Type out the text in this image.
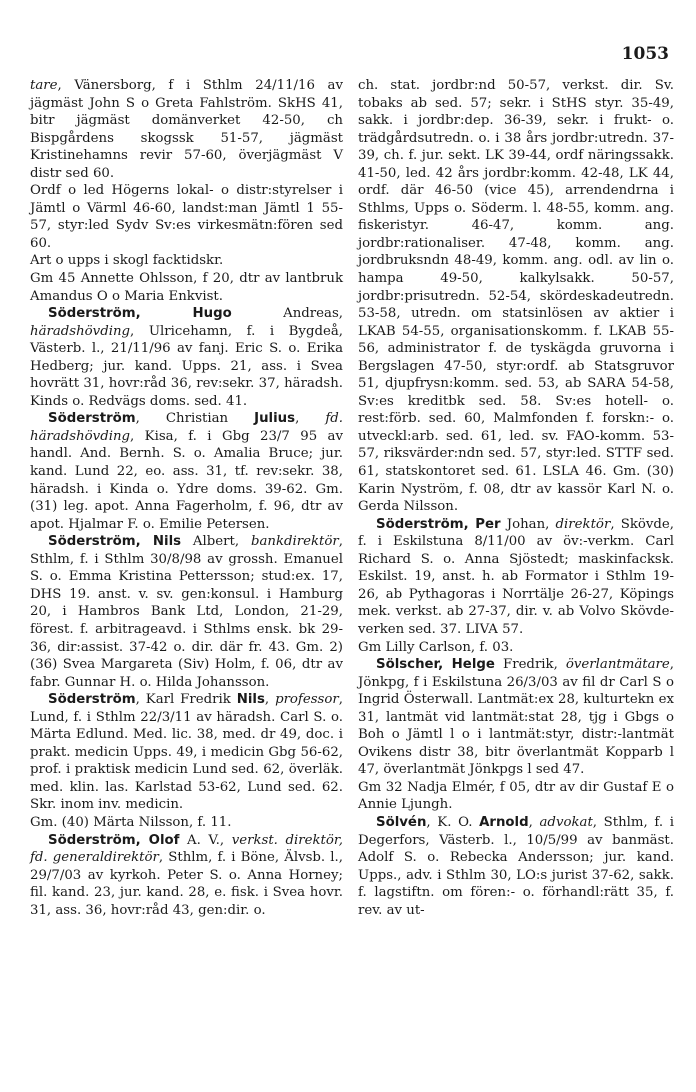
1053

tare, Vänersborg, f i Sthlm 24/11/16 av jägmäst John S o Greta Fahlström. SkHS 41, bitr jägmäst domänverket 42-50, ch Bispgårdens skogssk 51-57, jägmäst Kristinehamns revir 57-60, överjägmäst V distr sed 60.

Ordf o led Högerns lokal- o distr:styrelser i Jämtl o Värml 46-60, landst:man Jämtl 1 55-57, styr:led Sydv Sv:es virkesmätn:fören sed 60.

Art o upps i skogl facktidskr.

Gm 45 Annette Ohlsson, f 20, dtr av lantbruk Amandus O o Maria Enkvist.

Söderström, Hugo Andreas, häradshövding, Ulricehamn, f. i Bygdeå, Västerb. l., 21/11/96 av fanj. Eric S. o. Erika Hedberg; jur. kand. Upps. 21, ass. i Svea hovrätt 31, hovr:råd 36, rev:sekr. 37, häradsh. Kinds o. Redvägs doms. sed. 41.

Söderström, Christian Julius, fd. häradshövding, Kisa, f. i Gbg 23/7 95 av handl. And. Bernh. S. o. Amalia Bruce; jur. kand. Lund 22, eo. ass. 31, tf. rev:sekr. 38, häradsh. i Kinda o. Ydre doms. 39-62. Gm. (31) leg. apot. Anna Fagerholm, f. 96, dtr av apot. Hjalmar F. o. Emilie Petersen.

Söderström, Nils Albert, bankdirektör, Sthlm, f. i Sthlm 30/8/98 av grossh. Emanuel S. o. Emma Kristina Pettersson; stud:ex. 17, DHS 19. anst. v. sv. gen:konsul. i Hamburg 20, i Hambros Bank Ltd, London, 21-29, förest. f. arbitrageavd. i Sthlms ensk. bk 29-36, dir:assist. 37-42 o. dir. där fr. 43. Gm. 2) (36) Svea Margareta (Siv) Holm, f. 06, dtr av fabr. Gunnar H. o. Hilda Johansson.

Söderström, Karl Fredrik Nils, professor, Lund, f. i Sthlm 22/3/11 av häradsh. Carl S. o. Märta Edlund. Med. lic. 38, med. dr 49, doc. i prakt. medicin Upps. 49, i medicin Gbg 56-62, prof. i praktisk medicin Lund sed. 62, överläk. med. klin. las. Karlstad 53-62, Lund sed. 62. Skr. inom inv. medicin.

Gm. (40) Märta Nilsson, f. 11.

Söderström, Olof A. V., verkst. direktör, fd. generaldirektör, Sthlm, f. i Böne, Älvsb. l., 29/7/03 av kyrkoh. Peter S. o. Anna Horney; fil. kand. 23, jur. kand. 28, e. fisk. i Svea hovr. 31, ass. 36, hovr:råd 43, gen:dir. o.

ch. stat. jordbr:nd 50-57, verkst. dir. Sv. tobaks ab sed. 57; sekr. i StHS styr. 35-49, sakk. i jordbr:dep. 36-39, sekr. i frukt- o. trädgårdsutredn. o. i 38 års jordbr:utredn. 37-39, ch. f. jur. sekt. LK 39-44, ordf näringssakk. 41-50, led. 42 års jordbr:komm. 42-48, LK 44, ordf. där 46-50 (vice 45), arrendendrna i Sthlms, Upps o. Söderm. l. 48-55, komm. ang. fiskeristyr. 46-47, komm. ang. jordbr:rationaliser. 47-48, komm. ang. jordbruksndn 48-49, komm. ang. odl. av lin o. hampa 49-50, kalkylsakk. 50-57, jordbr:prisutredn. 52-54, skördeskadeutredn. 53-58, utredn. om statsinlösen av aktier i LKAB 54-55, organisationskomm. f. LKAB 55-56, administrator f. de tyskägda gruvorna i Bergslagen 47-50, styr:ordf. ab Statsgruvor 51, djupfrysn:komm. sed. 53, ab SARA 54-58, Sv:es kreditbk sed. 58. Sv:es hotell- o. rest:förb. sed. 60, Malmfonden f. forskn:- o. utveckl:arb. sed. 61, led. sv. FAO-komm. 53-57, riksvärder:ndn sed. 57, styr:led. STTF sed. 61, statskontoret sed. 61. LSLA 46. Gm. (30) Karin Nyström, f. 08, dtr av kassör Karl N. o. Gerda Nilsson.

Söderström, Per Johan, direktör, Skövde, f. i Eskilstuna 8/11/00 av öv:-verkm. Carl Richard S. o. Anna Sjöstedt; maskinfacksk. Eskilst. 19, anst. h. ab Formator i Sthlm 19-26, ab Pythagoras i Norrtälje 26-27, Köpings mek. verkst. ab 27-37, dir. v. ab Volvo Skövde-verken sed. 37. LIVA 57.

Gm Lilly Carlson, f. 03.

Sölscher, Helge Fredrik, överlantmätare, Jönkpg, f i Eskilstuna 26/3/03 av fil dr Carl S o Ingrid Österwall. Lantmät:ex 28, kulturtekn ex 31, lantmät vid lantmät:stat 28, tjg i Gbgs o Boh o Jämtl l o i lantmät:styr, distr:-lantmät Ovikens distr 38, bitr överlantmät Kopparb l 47, överlantmät Jönkpgs l sed 47.

Gm 32 Nadja Elmér, f 05, dtr av dir Gustaf E o Annie Ljungh.

Sölvén, K. O. Arnold, advokat, Sthlm, f. i Degerfors, Västerb. l., 10/5/99 av banmäst. Adolf S. o. Rebecka Andersson; jur. kand. Upps., adv. i Sthlm 30, LO:s jurist 37-62, sakk. f. lagstiftn. om fören:- o. förhandl:rätt 35, f. rev. av ut-
